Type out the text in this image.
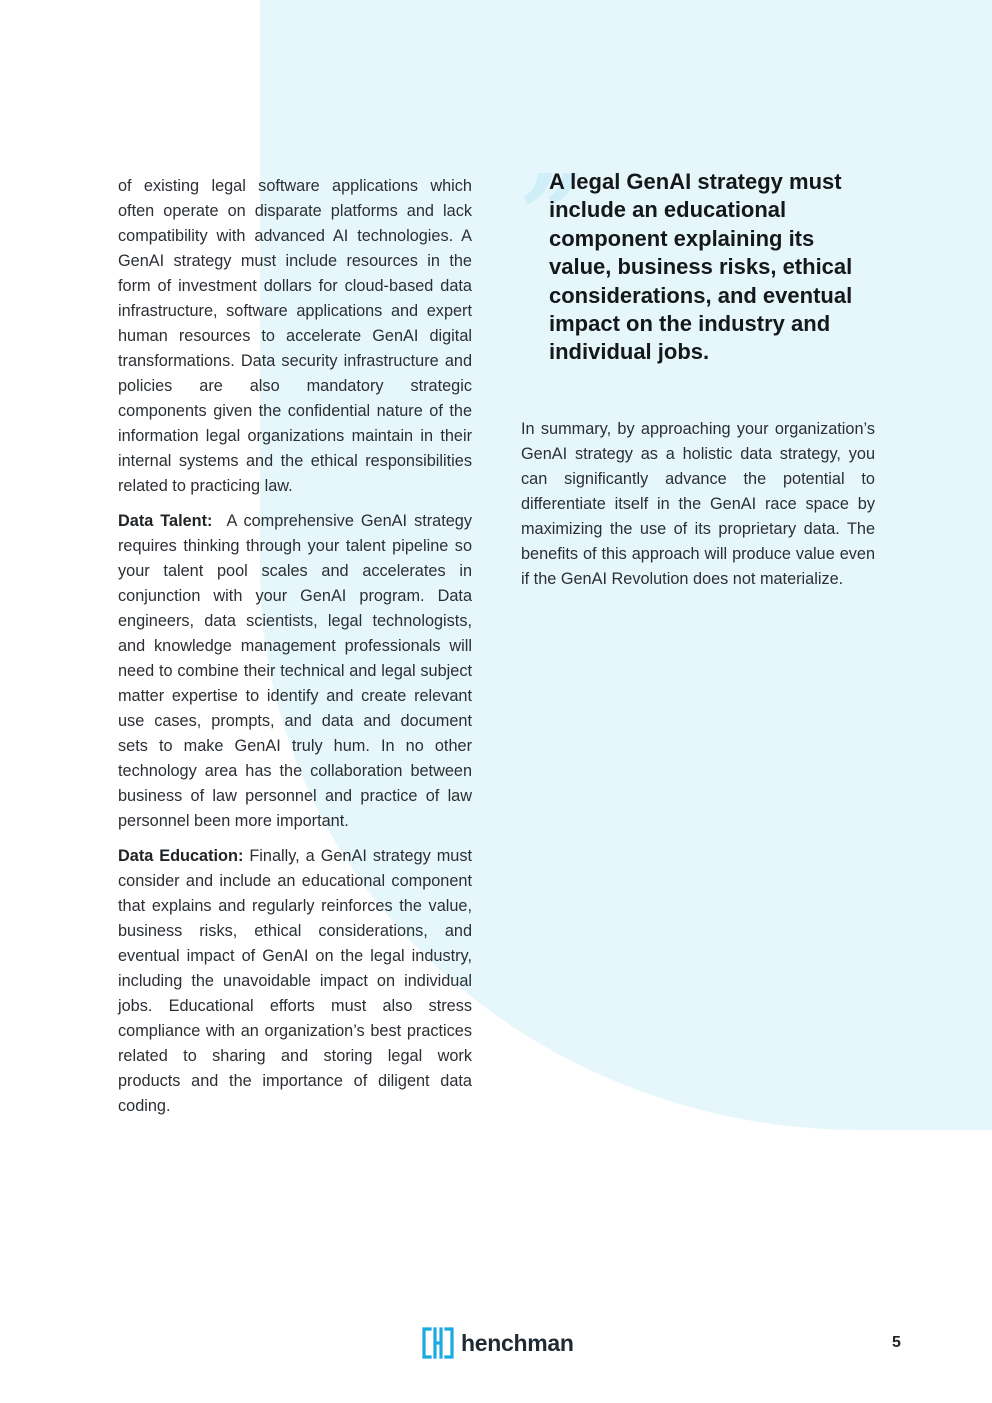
of existing legal software applications which often operate on disparate platforms and lack compatibility with advanced AI technologies. A GenAI strategy must include resources in the form of investment dollars for cloud-based data infrastructure, software applications and expert human resources to accelerate GenAI digital transformations. Data security infrastructure and policies are also mandatory strategic components given the confidential nature of the information legal organizations maintain in their internal systems and the ethical responsibilities related to practicing law.

Data Talent: A comprehensive GenAI strategy requires thinking through your talent pipeline so your talent pool scales and accelerates in conjunction with your GenAI program. Data engineers, data scientists, legal technologists, and knowledge management professionals will need to combine their technical and legal subject matter expertise to identify and create relevant use cases, prompts, and data and document sets to make GenAI truly hum. In no other technology area has the collaboration between business of law personnel and practice of law personnel been more important.

Data Education: Finally, a GenAI strategy must consider and include an educational component that explains and regularly reinforces the value, business risks, ethical considerations, and eventual impact of GenAI on the legal industry, including the unavoidable impact on individual jobs. Educational efforts must also stress compliance with an organization’s best practices related to sharing and storing legal work products and the importance of diligent data coding.

”
A legal GenAI strategy must include an educational component explaining its value, business risks, ethical considerations, and eventual impact on the industry and individual jobs.

In summary, by approaching your organization’s GenAI strategy as a holistic data strategy, you can significantly advance the potential to differentiate itself in the GenAI race space by maximizing the use of its proprietary data. The benefits of this approach will produce value even if the GenAI Revolution does not materialize.

henchman	5
